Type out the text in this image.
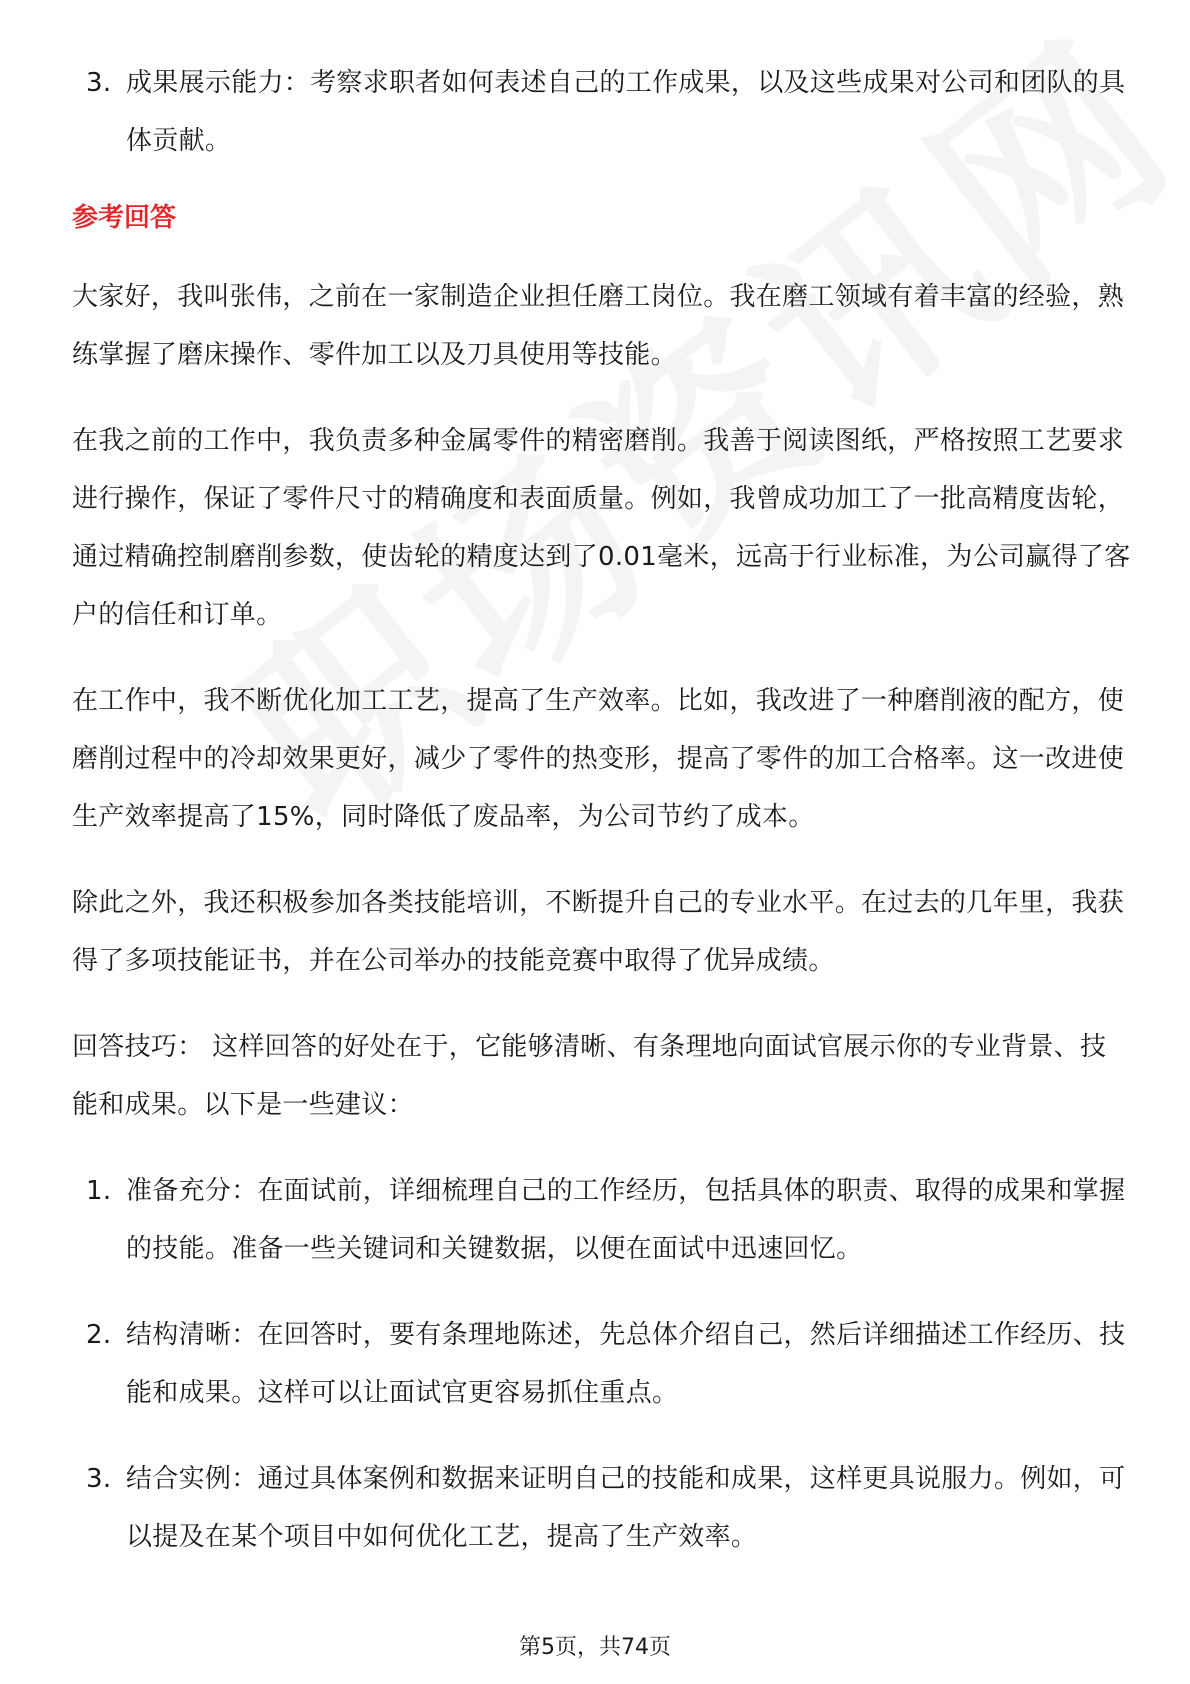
3. 成果展示能力：考察求职者如何表述自己的工作成果，以及这些成果对公司和团队的具体贡献。
参考回答
大家好，我叫张伟，之前在一家制造企业担任磨工岗位。我在磨工领域有着丰富的经验，熟练掌握了磨床操作、零件加工以及刀具使用等技能。
在我之前的工作中，我负责多种金属零件的精密磨削。我善于阅读图纸，严格按照工艺要求进行操作，保证了零件尺寸的精确度和表面质量。例如，我曾成功加工了一批高精度齿轮，通过精确控制磨削参数，使齿轮的精度达到了0.01毫米，远高于行业标准，为公司赢得了客户的信任和订单。
在工作中，我不断优化加工工艺，提高了生产效率。比如，我改进了一种磨削液的配方，使磨削过程中的冷却效果更好，减少了零件的热变形，提高了零件的加工合格率。这一改进使生产效率提高了15%，同时降低了废品率，为公司节约了成本。
除此之外，我还积极参加各类技能培训，不断提升自己的专业水平。在过去的几年里，我获得了多项技能证书，并在公司举办的技能竞赛中取得了优异成绩。
回答技巧： 这样回答的好处在于，它能够清晰、有条理地向面试官展示你的专业背景、技能和成果。以下是一些建议：
1. 准备充分：在面试前，详细梳理自己的工作经历，包括具体的职责、取得的成果和掌握的技能。准备一些关键词和关键数据，以便在面试中迅速回忆。
2. 结构清晰：在回答时，要有条理地陈述，先总体介绍自己，然后详细描述工作经历、技能和成果。这样可以让面试官更容易抓住重点。
3. 结合实例：通过具体案例和数据来证明自己的技能和成果，这样更具说服力。例如，可以提及在某个项目中如何优化工艺，提高了生产效率。
第5页，共74页
